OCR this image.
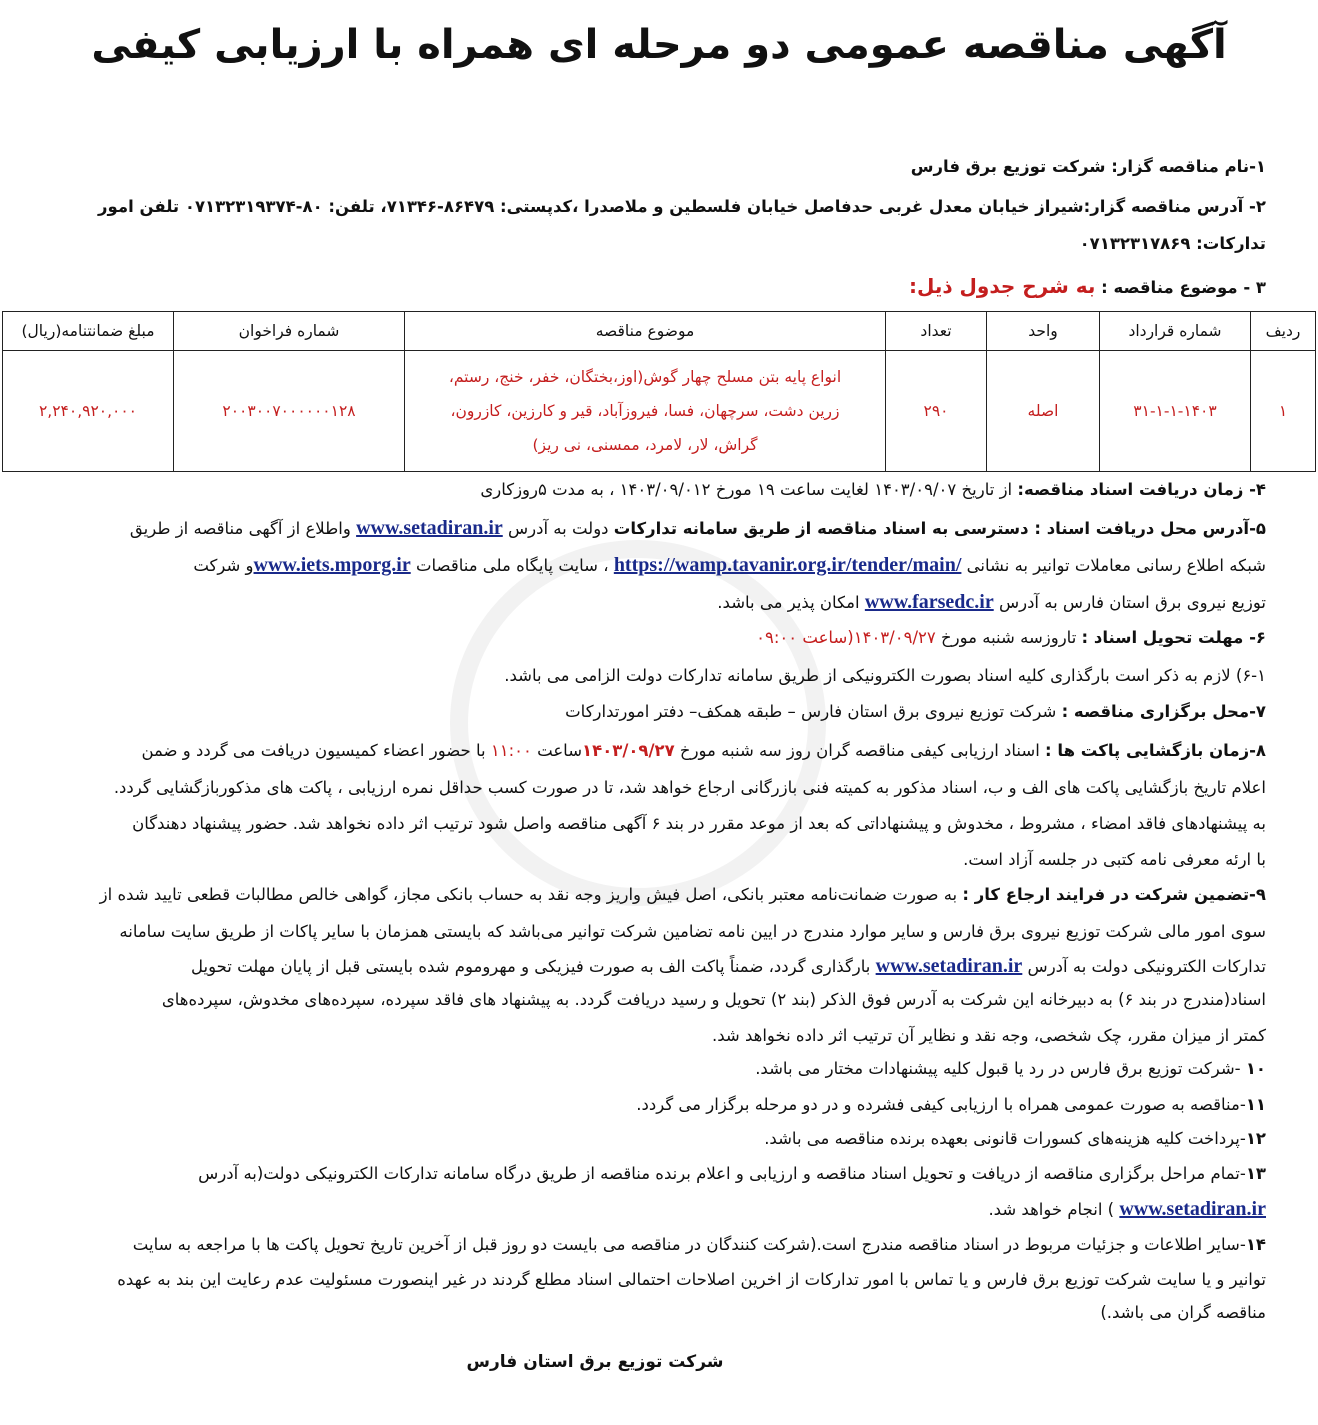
آگهی مناقصه عمومی دو مرحله ای همراه با ارزیابی کیفی
۱-نام مناقصه گزار: شرکت توزیع برق فارس
۲- آدرس مناقصه گزار:شیراز خیابان معدل غربی حدفاصل خیابان فلسطین و ملاصدرا ،کدپستی: ۸۶۴۷۹-۷۱۳۴۶، تلفن: ۸۰-۰۷۱۳۲۳۱۹۳۷۴ تلفن امور
تدارکات: ۰۷۱۳۲۳۱۷۸۶۹
۳ - موضوع مناقصه : به شرح جدول ذیل:
ردیف	شماره قرارداد	واحد	تعداد	موضوع مناقصه	شماره فراخوان	مبلغ ضمانتنامه(ریال)
۱	۳۱-۱-۱-۱۴۰۳	اصله	۲۹۰	انواع پایه بتن مسلح چهار گوش(اوز،بختگان، خفر، خنج، رستم،
زرین دشت، سرچهان، فسا، فیروزآباد، قیر و کارزین، کازرون،
گراش، لار، لامرد، ممسنی، نی ریز)	۲۰۰۳۰۰۷۰۰۰۰۰۰۱۲۸	۲,۲۴۰,۹۲۰,۰۰۰
۴- زمان دریافت اسناد مناقصه: از تاریخ ۱۴۰۳/۰۹/۰۷ لغایت ساعت ۱۹ مورخ ۱۴۰۳/۰۹/۰۱۲ ، به مدت ۵روزکاری
۵-آدرس محل دریافت اسناد : دسترسی به اسناد مناقصه از طریق سامانه تدارکات دولت به آدرس www.setadiran.ir واطلاع از آگهی مناقصه از طریق
شبکه اطلاع رسانی معاملات توانیر به نشانی https://wamp.tavanir.org.ir/tender/main/ ، سایت پایگاه ملی مناقصات www.iets.mporg.irو شرکت
توزیع نیروی برق استان فارس به آدرس www.farsedc.ir امکان پذیر می باشد.
۶- مهلت تحویل اسناد : تاروزسه شنبه مورخ ۱۴۰۳/۰۹/۲۷(ساعت ۰۹:۰۰
۶-۱) لازم به ذکر است بارگذاری کلیه اسناد بصورت الکترونیکی از طریق سامانه تدارکات دولت الزامی می باشد.
۷-محل برگزاری مناقصه : شرکت توزیع نیروی برق استان فارس – طبقه همکف– دفتر امورتدارکات
۸-زمان بازگشایی پاکت ها : اسناد ارزیابی کیفی مناقصه گران روز سه شنبه مورخ ۱۴۰۳/۰۹/۲۷ساعت ۱۱:۰۰ با حضور اعضاء کمیسیون دریافت می گردد و ضمن
اعلام تاریخ بازگشایی پاکت های الف و ب، اسناد مذکور به کمیته فنی بازرگانی ارجاع خواهد شد، تا در صورت کسب حداقل نمره ارزیابی ، پاکت های مذکوربازگشایی گردد.
به پیشنهادهای فاقد امضاء ، مشروط ، مخدوش و پیشنهاداتی که بعد از موعد مقرر در بند ۶ آگهی مناقصه واصل شود ترتیب اثر داده نخواهد شد. حضور پیشنهاد دهندگان
با ارئه معرفی نامه کتبی در جلسه آزاد است.
۹-تضمین شرکت در فرایند ارجاع کار : به صورت ضمانت‌نامه معتبر بانکی، اصل فیش واریز وجه نقد به حساب بانکی مجاز، گواهی خالص مطالبات قطعی تایید شده از
سوی امور مالی شرکت توزیع نیروی برق فارس و سایر موارد مندرج در ایین نامه تضامین شرکت توانیر می‌باشد که بایستی همزمان با سایر پاکات از طریق سایت سامانه
تدارکات الکترونیکی دولت به آدرس www.setadiran.ir بارگذاری گردد، ضمناً پاکت الف به صورت فیزیکی و مهروموم شده بایستی قبل از پایان مهلت تحویل
اسناد(مندرج در بند ۶) به دبیرخانه این شرکت به آدرس فوق الذکر (بند ۲) تحویل و رسید دریافت گردد. به پیشنهاد های فاقد سپرده، سپرده‌های مخدوش، سپرده‌های
کمتر از میزان مقرر، چک شخصی، وجه نقد و نظایر آن ترتیب اثر داده نخواهد شد.
۱۰ -شرکت توزیع برق فارس در رد یا قبول کلیه پیشنهادات مختار می باشد.
۱۱-مناقصه به صورت عمومی همراه با ارزیابی کیفی فشرده و در دو مرحله برگزار می گردد.
۱۲-پرداخت کلیه هزینه‌های کسورات قانونی بعهده برنده مناقصه می باشد.
۱۳-تمام مراحل برگزاری مناقصه از دریافت و تحویل اسناد مناقصه و ارزیابی و اعلام برنده مناقصه از طریق درگاه سامانه تدارکات الکترونیکی دولت(به آدرس
www.setadiran.ir ) انجام خواهد شد.
۱۴-سایر اطلاعات و جزئیات مربوط در اسناد مناقصه مندرج است.(شرکت کنندگان در مناقصه می بایست دو روز قبل از آخرین تاریخ تحویل پاکت ها با مراجعه به سایت
توانیر و یا سایت شرکت توزیع برق فارس و یا تماس با امور تدارکات از اخرین اصلاحات احتمالی اسناد مطلع گردند در غیر اینصورت مسئولیت عدم رعایت این بند به عهده
مناقصه گران می باشد.)
شرکت توزیع برق استان فارس
